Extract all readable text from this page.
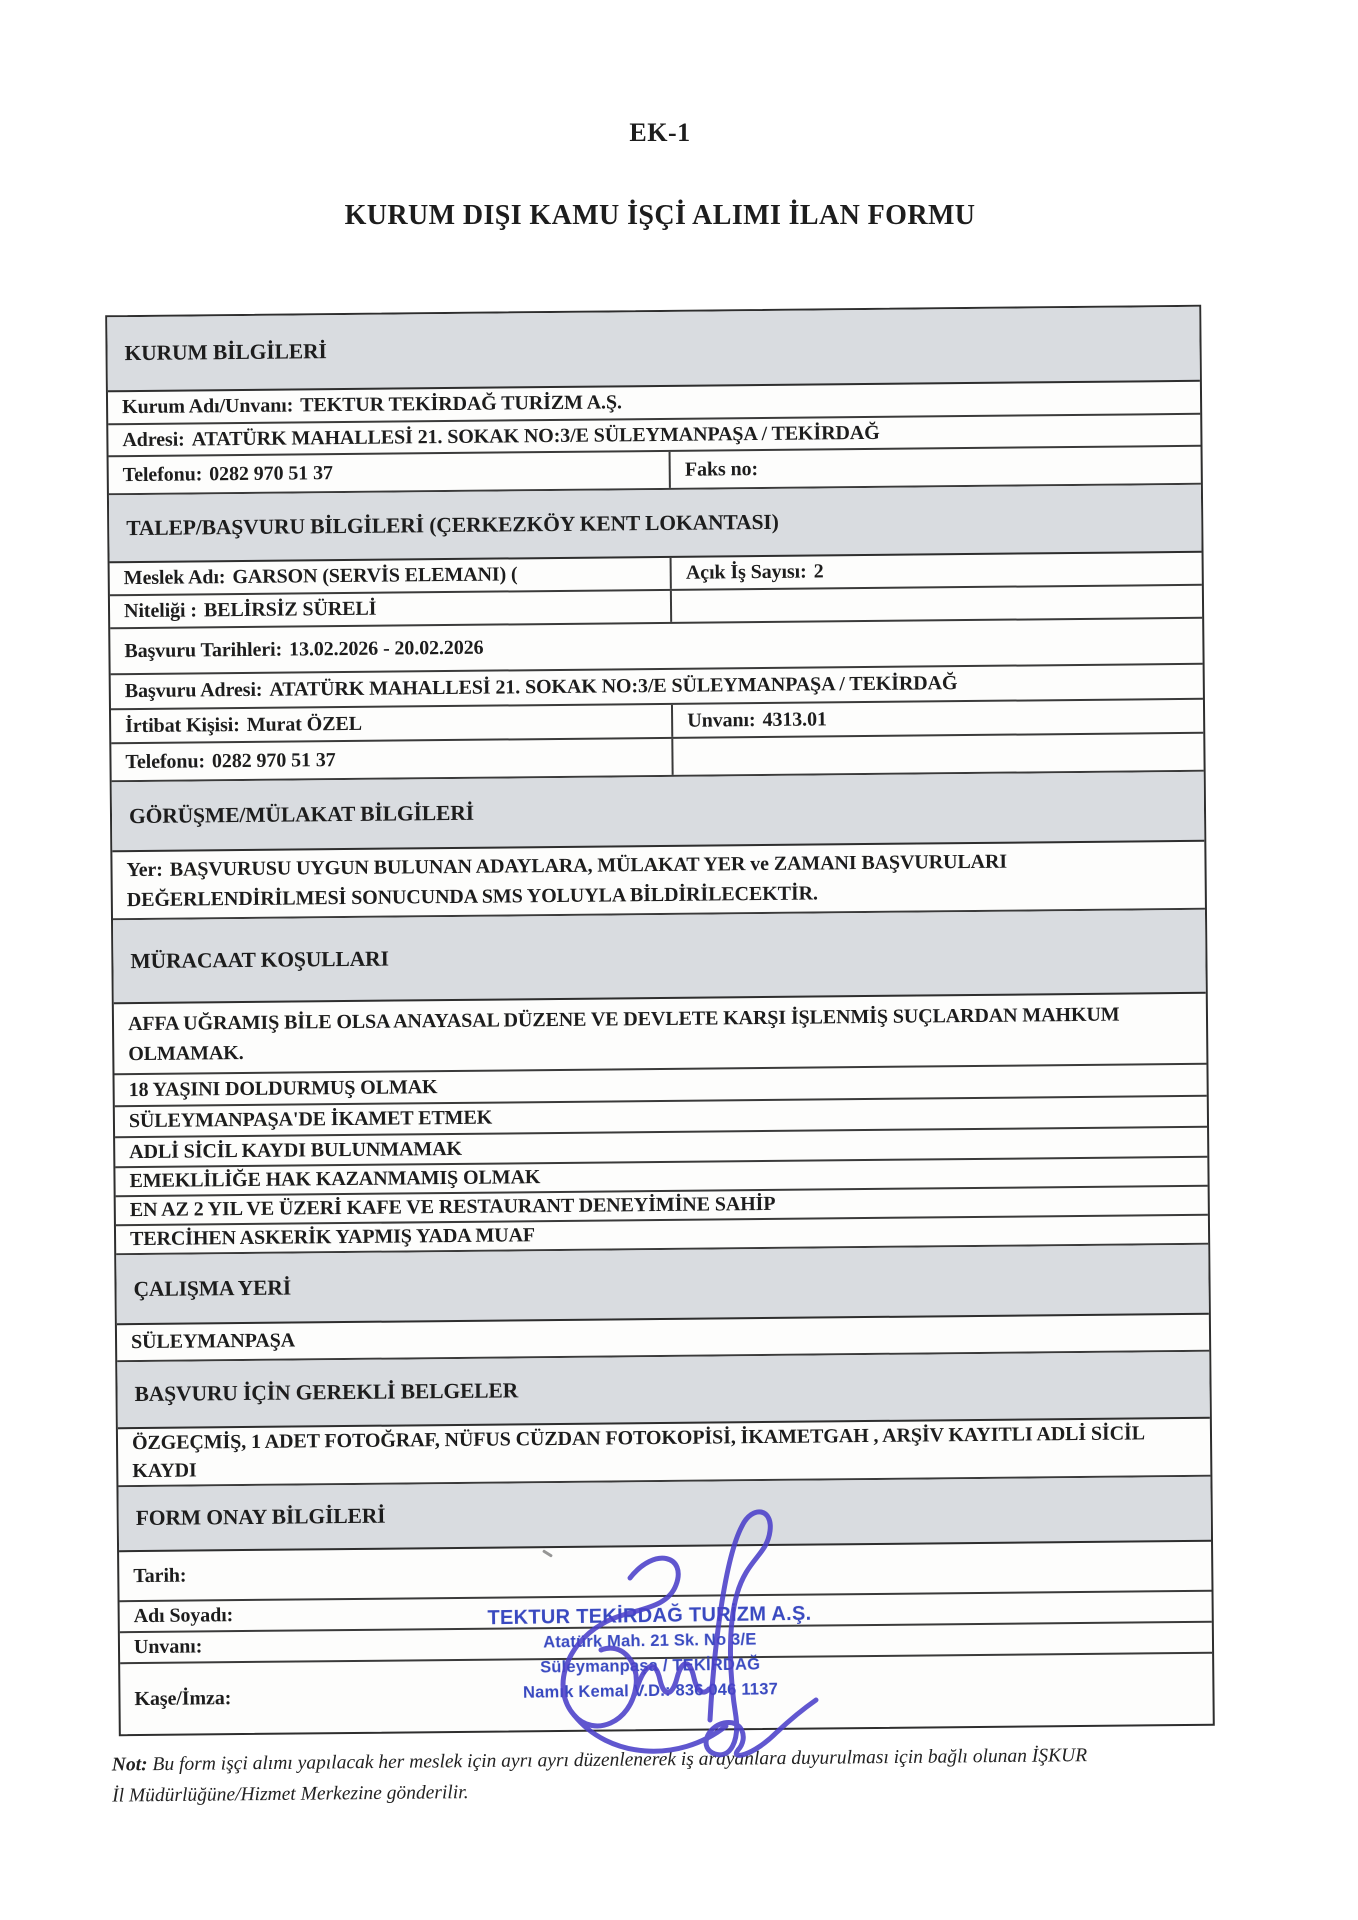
EK-1
KURUM DIŞI KAMU İŞÇİ ALIMI İLAN FORMU
KURUM BİLGİLERİ
Kurum Adı/Unvanı: TEKTUR TEKİRDAĞ TURİZM A.Ş.
Adresi: ATATÜRK MAHALLESİ 21. SOKAK NO:3/E SÜLEYMANPAŞA / TEKİRDAĞ
Telefonu: 0282 970 51 37	Faks no:
TALEP/BAŞVURU BİLGİLERİ (ÇERKEZKÖY KENT LOKANTASI)
Meslek Adı: GARSON (SERVİS ELEMANI) (	Açık İş Sayısı: 2
Niteliği : BELİRSİZ SÜRELİ
Başvuru Tarihleri: 13.02.2026 - 20.02.2026
Başvuru Adresi: ATATÜRK MAHALLESİ 21. SOKAK NO:3/E SÜLEYMANPAŞA / TEKİRDAĞ
İrtibat Kişisi: Murat ÖZEL	Unvanı: 4313.01
Telefonu: 0282 970 51 37
GÖRÜŞME/MÜLAKAT BİLGİLERİ
Yer: BAŞVURUSU UYGUN BULUNAN ADAYLARA, MÜLAKAT YER ve ZAMANI BAŞVURULARI
DEĞERLENDİRİLMESİ SONUCUNDA SMS YOLUYLA BİLDİRİLECEKTİR.
MÜRACAAT KOŞULLARI
AFFA UĞRAMIŞ BİLE OLSA ANAYASAL DÜZENE VE DEVLETE KARŞI İŞLENMİŞ SUÇLARDAN MAHKUM
OLMAMAK.
18 YAŞINI DOLDURMUŞ OLMAK
SÜLEYMANPAŞA'DE İKAMET ETMEK
ADLİ SİCİL KAYDI BULUNMAMAK
EMEKLİLİĞE HAK KAZANMAMIŞ OLMAK
EN AZ 2 YIL VE ÜZERİ KAFE VE RESTAURANT DENEYİMİNE SAHİP
TERCİHEN ASKERİK YAPMIŞ YADA MUAF
ÇALIŞMA YERİ
SÜLEYMANPAŞA
BAŞVURU İÇİN GEREKLİ BELGELER
ÖZGEÇMİŞ, 1 ADET FOTOĞRAF, NÜFUS CÜZDAN FOTOKOPİSİ, İKAMETGAH , ARŞİV KAYITLI ADLİ SİCİL
KAYDI
FORM ONAY BİLGİLERİ
Tarih:
Adı Soyadı:
Unvanı:
Kaşe/İmza:
TEKTUR TEKİRDAĞ TURİZM A.Ş.
Atatürk Mah. 21 Sk. No 3/E
Süleymanpaşa / TEKİRDAĞ
Namık Kemal V.D.: 836 046 1137

Not: Bu form işçi alımı yapılacak her meslek için ayrı ayrı düzenlenerek iş arayanlara duyurulması için bağlı olunan İŞKUR
İl Müdürlüğüne/Hizmet Merkezine gönderilir.
